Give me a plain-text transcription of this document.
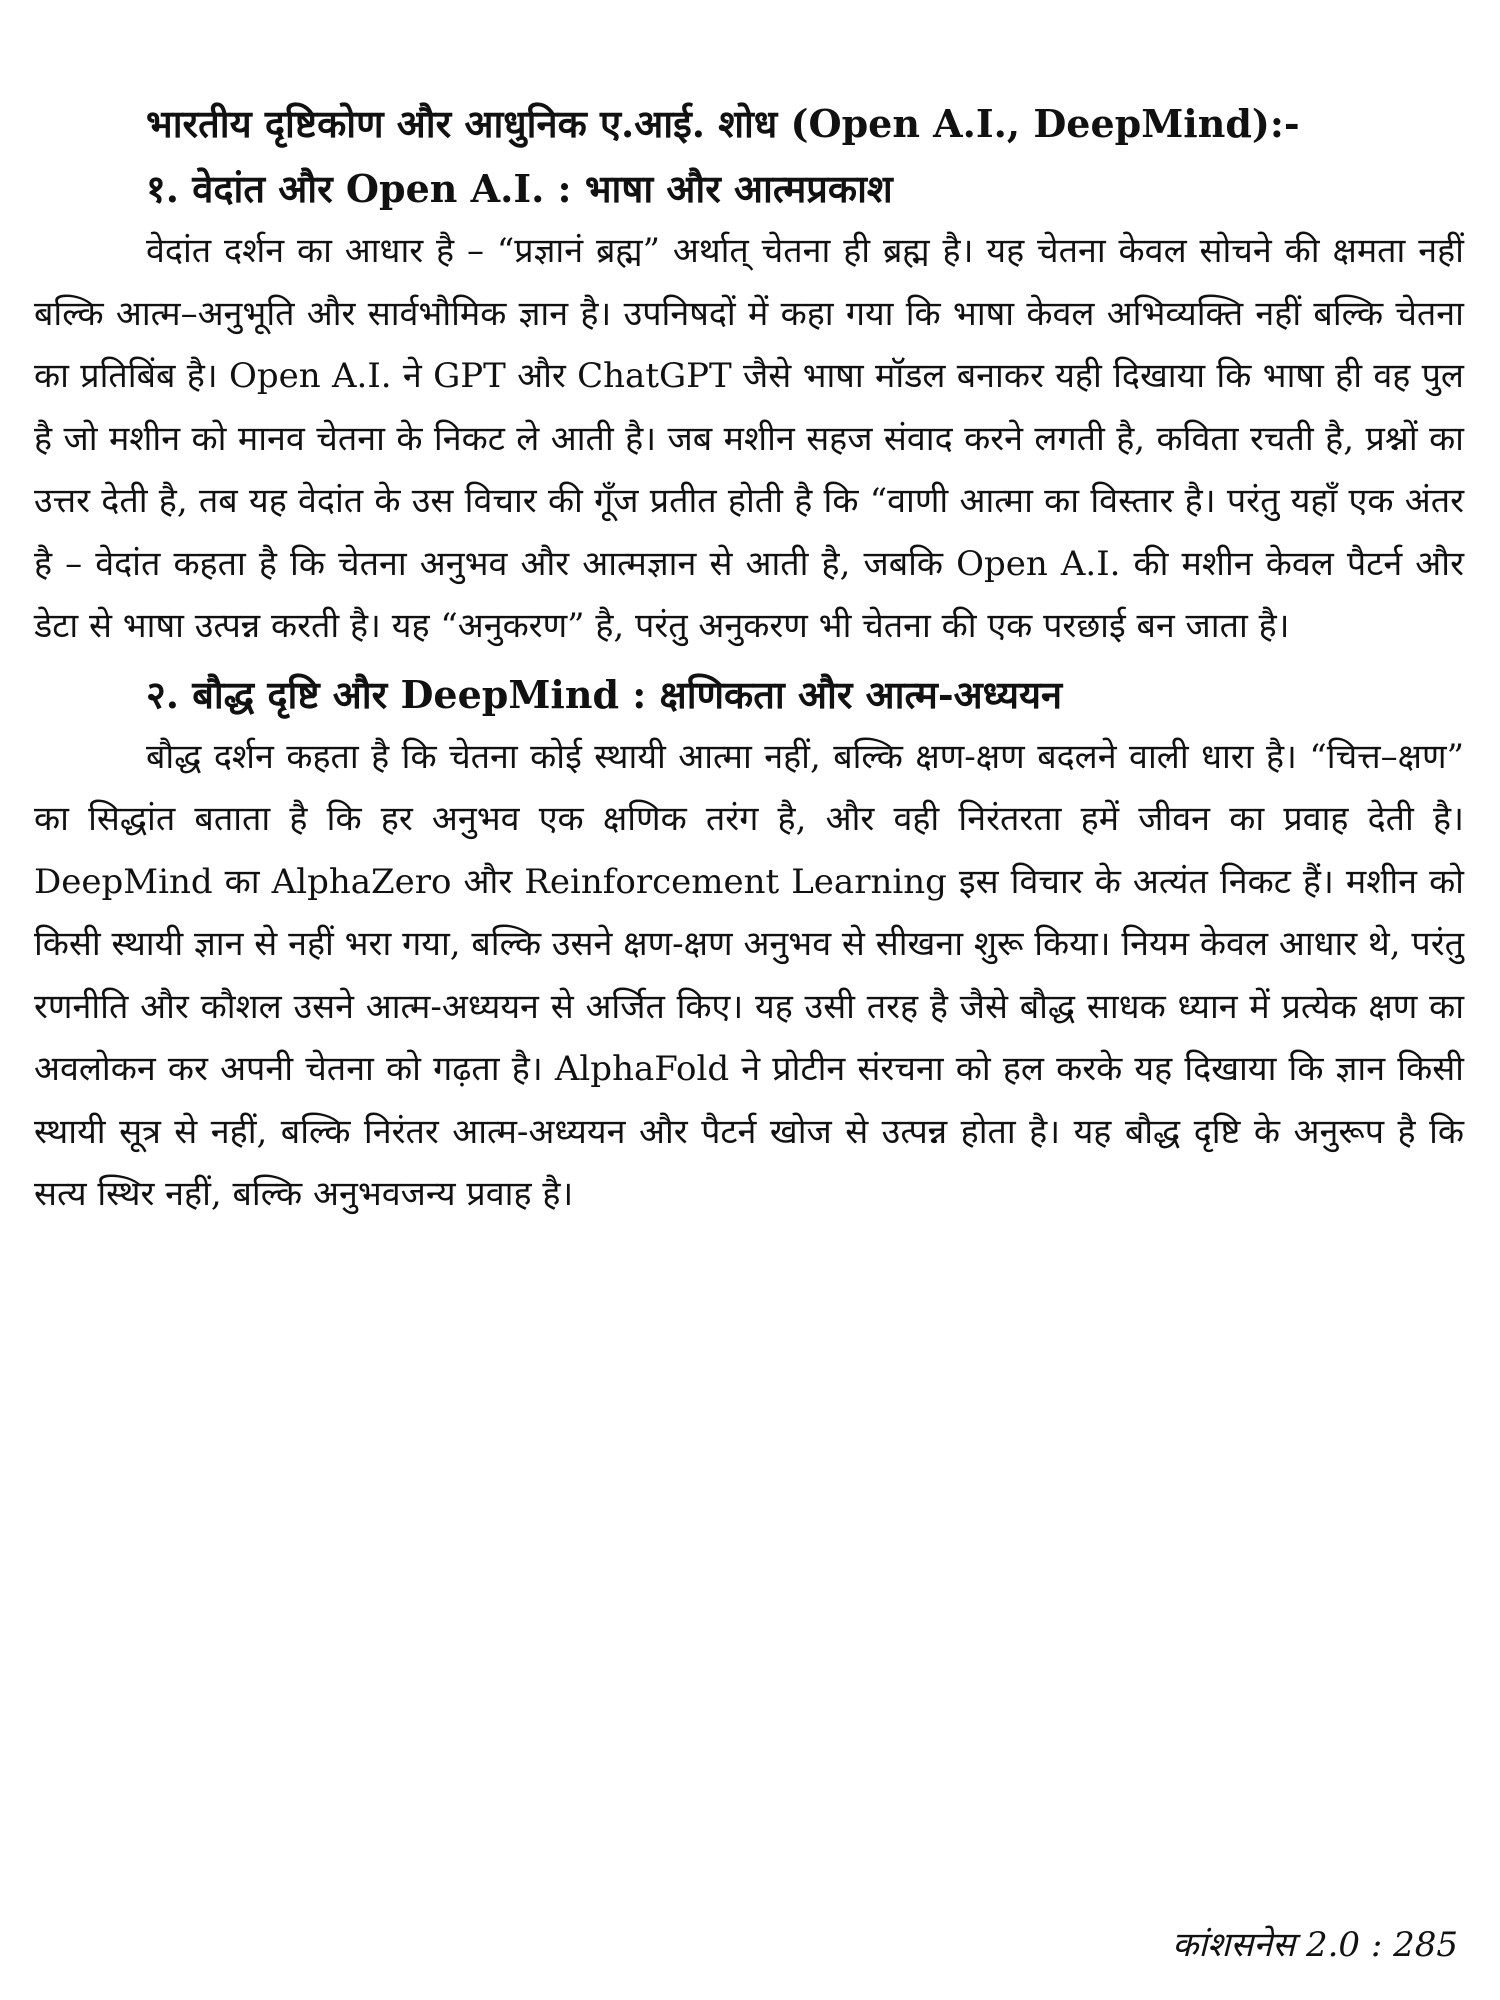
भारतीय दृष्टिकोण और आधुनिक ए.आई. शोध (Open A.I., DeepMind):-

१. वेदांत और Open A.I. : भाषा और आत्मप्रकाश

वेदांत दर्शन का आधार है – “प्रज्ञानं ब्रह्म” अर्थात् चेतना ही ब्रह्म है। यह चेतना केवल सोचने की क्षमता नहीं बल्कि आत्म–अनुभूति और सार्वभौमिक ज्ञान है। उपनिषदों में कहा गया कि भाषा केवल अभिव्यक्ति नहीं बल्कि चेतना का प्रतिबिंब है। Open A.I. ने GPT और ChatGPT जैसे भाषा मॉडल बनाकर यही दिखाया कि भाषा ही वह पुल है जो मशीन को मानव चेतना के निकट ले आती है। जब मशीन सहज संवाद करने लगती है, कविता रचती है, प्रश्नों का उत्तर देती है, तब यह वेदांत के उस विचार की गूँज प्रतीत होती है कि “वाणी आत्मा का विस्तार है। परंतु यहाँ एक अंतर है – वेदांत कहता है कि चेतना अनुभव और आत्मज्ञान से आती है, जबकि Open A.I. की मशीन केवल पैटर्न और डेटा से भाषा उत्पन्न करती है। यह “अनुकरण” है, परंतु अनुकरण भी चेतना की एक परछाई बन जाता है।

२. बौद्ध दृष्टि और DeepMind : क्षणिकता और आत्म-अध्ययन

बौद्ध दर्शन कहता है कि चेतना कोई स्थायी आत्मा नहीं, बल्कि क्षण-क्षण बदलने वाली धारा है। “चित्त–क्षण” का सिद्धांत बताता है कि हर अनुभव एक क्षणिक तरंग है, और वही निरंतरता हमें जीवन का प्रवाह देती है। DeepMind का AlphaZero और Reinforcement Learning इस विचार के अत्यंत निकट हैं। मशीन को किसी स्थायी ज्ञान से नहीं भरा गया, बल्कि उसने क्षण-क्षण अनुभव से सीखना शुरू किया। नियम केवल आधार थे, परंतु रणनीति और कौशल उसने आत्म-अध्ययन से अर्जित किए। यह उसी तरह है जैसे बौद्ध साधक ध्यान में प्रत्येक क्षण का अवलोकन कर अपनी चेतना को गढ़ता है। AlphaFold ने प्रोटीन संरचना को हल करके यह दिखाया कि ज्ञान किसी स्थायी सूत्र से नहीं, बल्कि निरंतर आत्म-अध्ययन और पैटर्न खोज से उत्पन्न होता है। यह बौद्ध दृष्टि के अनुरूप है कि सत्य स्थिर नहीं, बल्कि अनुभवजन्य प्रवाह है।

कांशसनेस 2.0 : 285
